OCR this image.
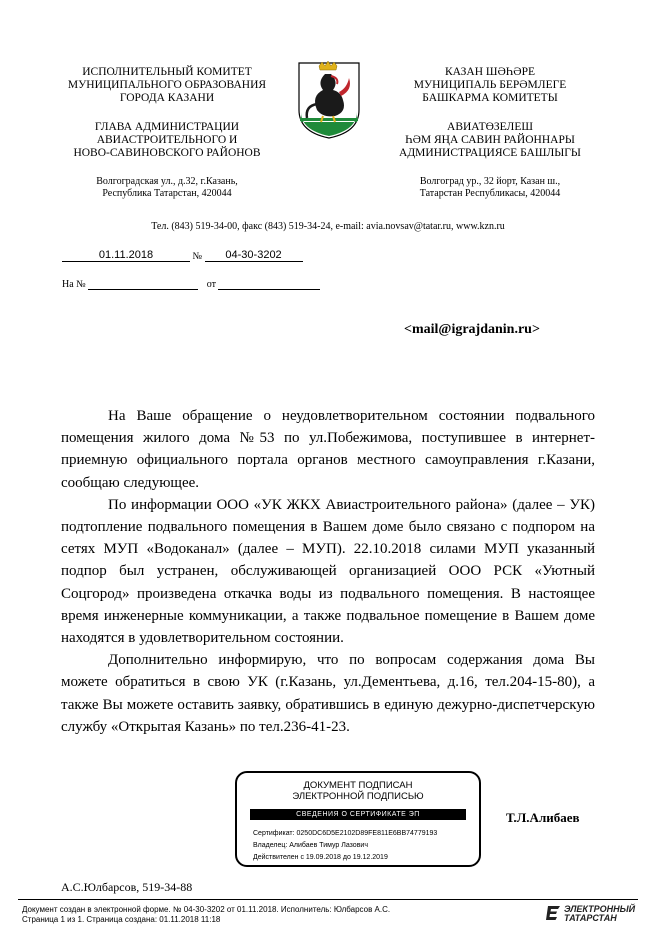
ИСПОЛНИТЕЛЬНЫЙ КОМИТЕТ
МУНИЦИПАЛЬНОГО ОБРАЗОВАНИЯ
ГОРОДА КАЗАНИ
ГЛАВА АДМИНИСТРАЦИИ
АВИАСТРОИТЕЛЬНОГО И
НОВО-САВИНОВСКОГО РАЙОНОВ
Волгоградская ул., д.32, г.Казань,
Республика Татарстан, 420044
КАЗАН ШӘҺӘРЕ
МУНИЦИПАЛЬ БЕРӘМЛЕГЕ
БАШКАРМА КОМИТЕТЫ
АВИАТӨЗЕЛЕШ
ҺӘМ ЯҢА САВИН РАЙОННАРЫ
АДМИНИСТРАЦИЯСЕ БАШЛЫГЫ
Волгоград ур., 32 йорт, Казан ш.,
Татарстан Республикасы, 420044
Тел. (843) 519-34-00, факс (843) 519-34-24, e-mail: avia.novsav@tatar.ru, www.kzn.ru
01.11.2018	№ 04-30-3202
На №	от
<mail@igrajdanin.ru>

На Ваше обращение о неудовлетворительном состоянии подвального помещения жилого дома №53 по ул.Побежимова, поступившее в интернет-приемную официального портала органов местного самоуправления г.Казани, сообщаю следующее.

По информации ООО «УК ЖКХ Авиастроительного района» (далее – УК) подтопление подвального помещения в Вашем доме было связано с подпором на сетях МУП «Водоканал» (далее – МУП). 22.10.2018 силами МУП указанный подпор был устранен, обслуживающей организацией ООО РСК «Уютный Соцгород» произведена откачка воды из подвального помещения. В настоящее время инженерные коммуникации, а также подвальное помещение в Вашем доме находятся в удовлетворительном состоянии.

Дополнительно информирую, что по вопросам содержания дома Вы можете обратиться в свою УК (г.Казань, ул.Дементьева, д.16, тел.204-15-80), а также Вы можете оставить заявку, обратившись в единую дежурно-диспетчерскую службу «Открытая Казань» по тел.236-41-23.

ДОКУМЕНТ ПОДПИСАН
ЭЛЕКТРОННОЙ ПОДПИСЬЮ
СВЕДЕНИЯ О СЕРТИФИКАТЕ ЭП
Сертификат: 0250DC6D5E2102D89FE811E6BB74779193
Владелец: Алибаев Тимур Лазович
Действителен с 19.09.2018 до 19.12.2019
Т.Л.Алибаев
А.С.Юлбарсов, 519-34-88
Документ создан в электронной форме. № 04-30-3202 от 01.11.2018. Исполнитель: Юлбарсов А.С.
Страница 1 из 1. Страница создана: 01.11.2018 11:18
ЭЛЕКТРОННЫЙ
ТАТАРСТАН
